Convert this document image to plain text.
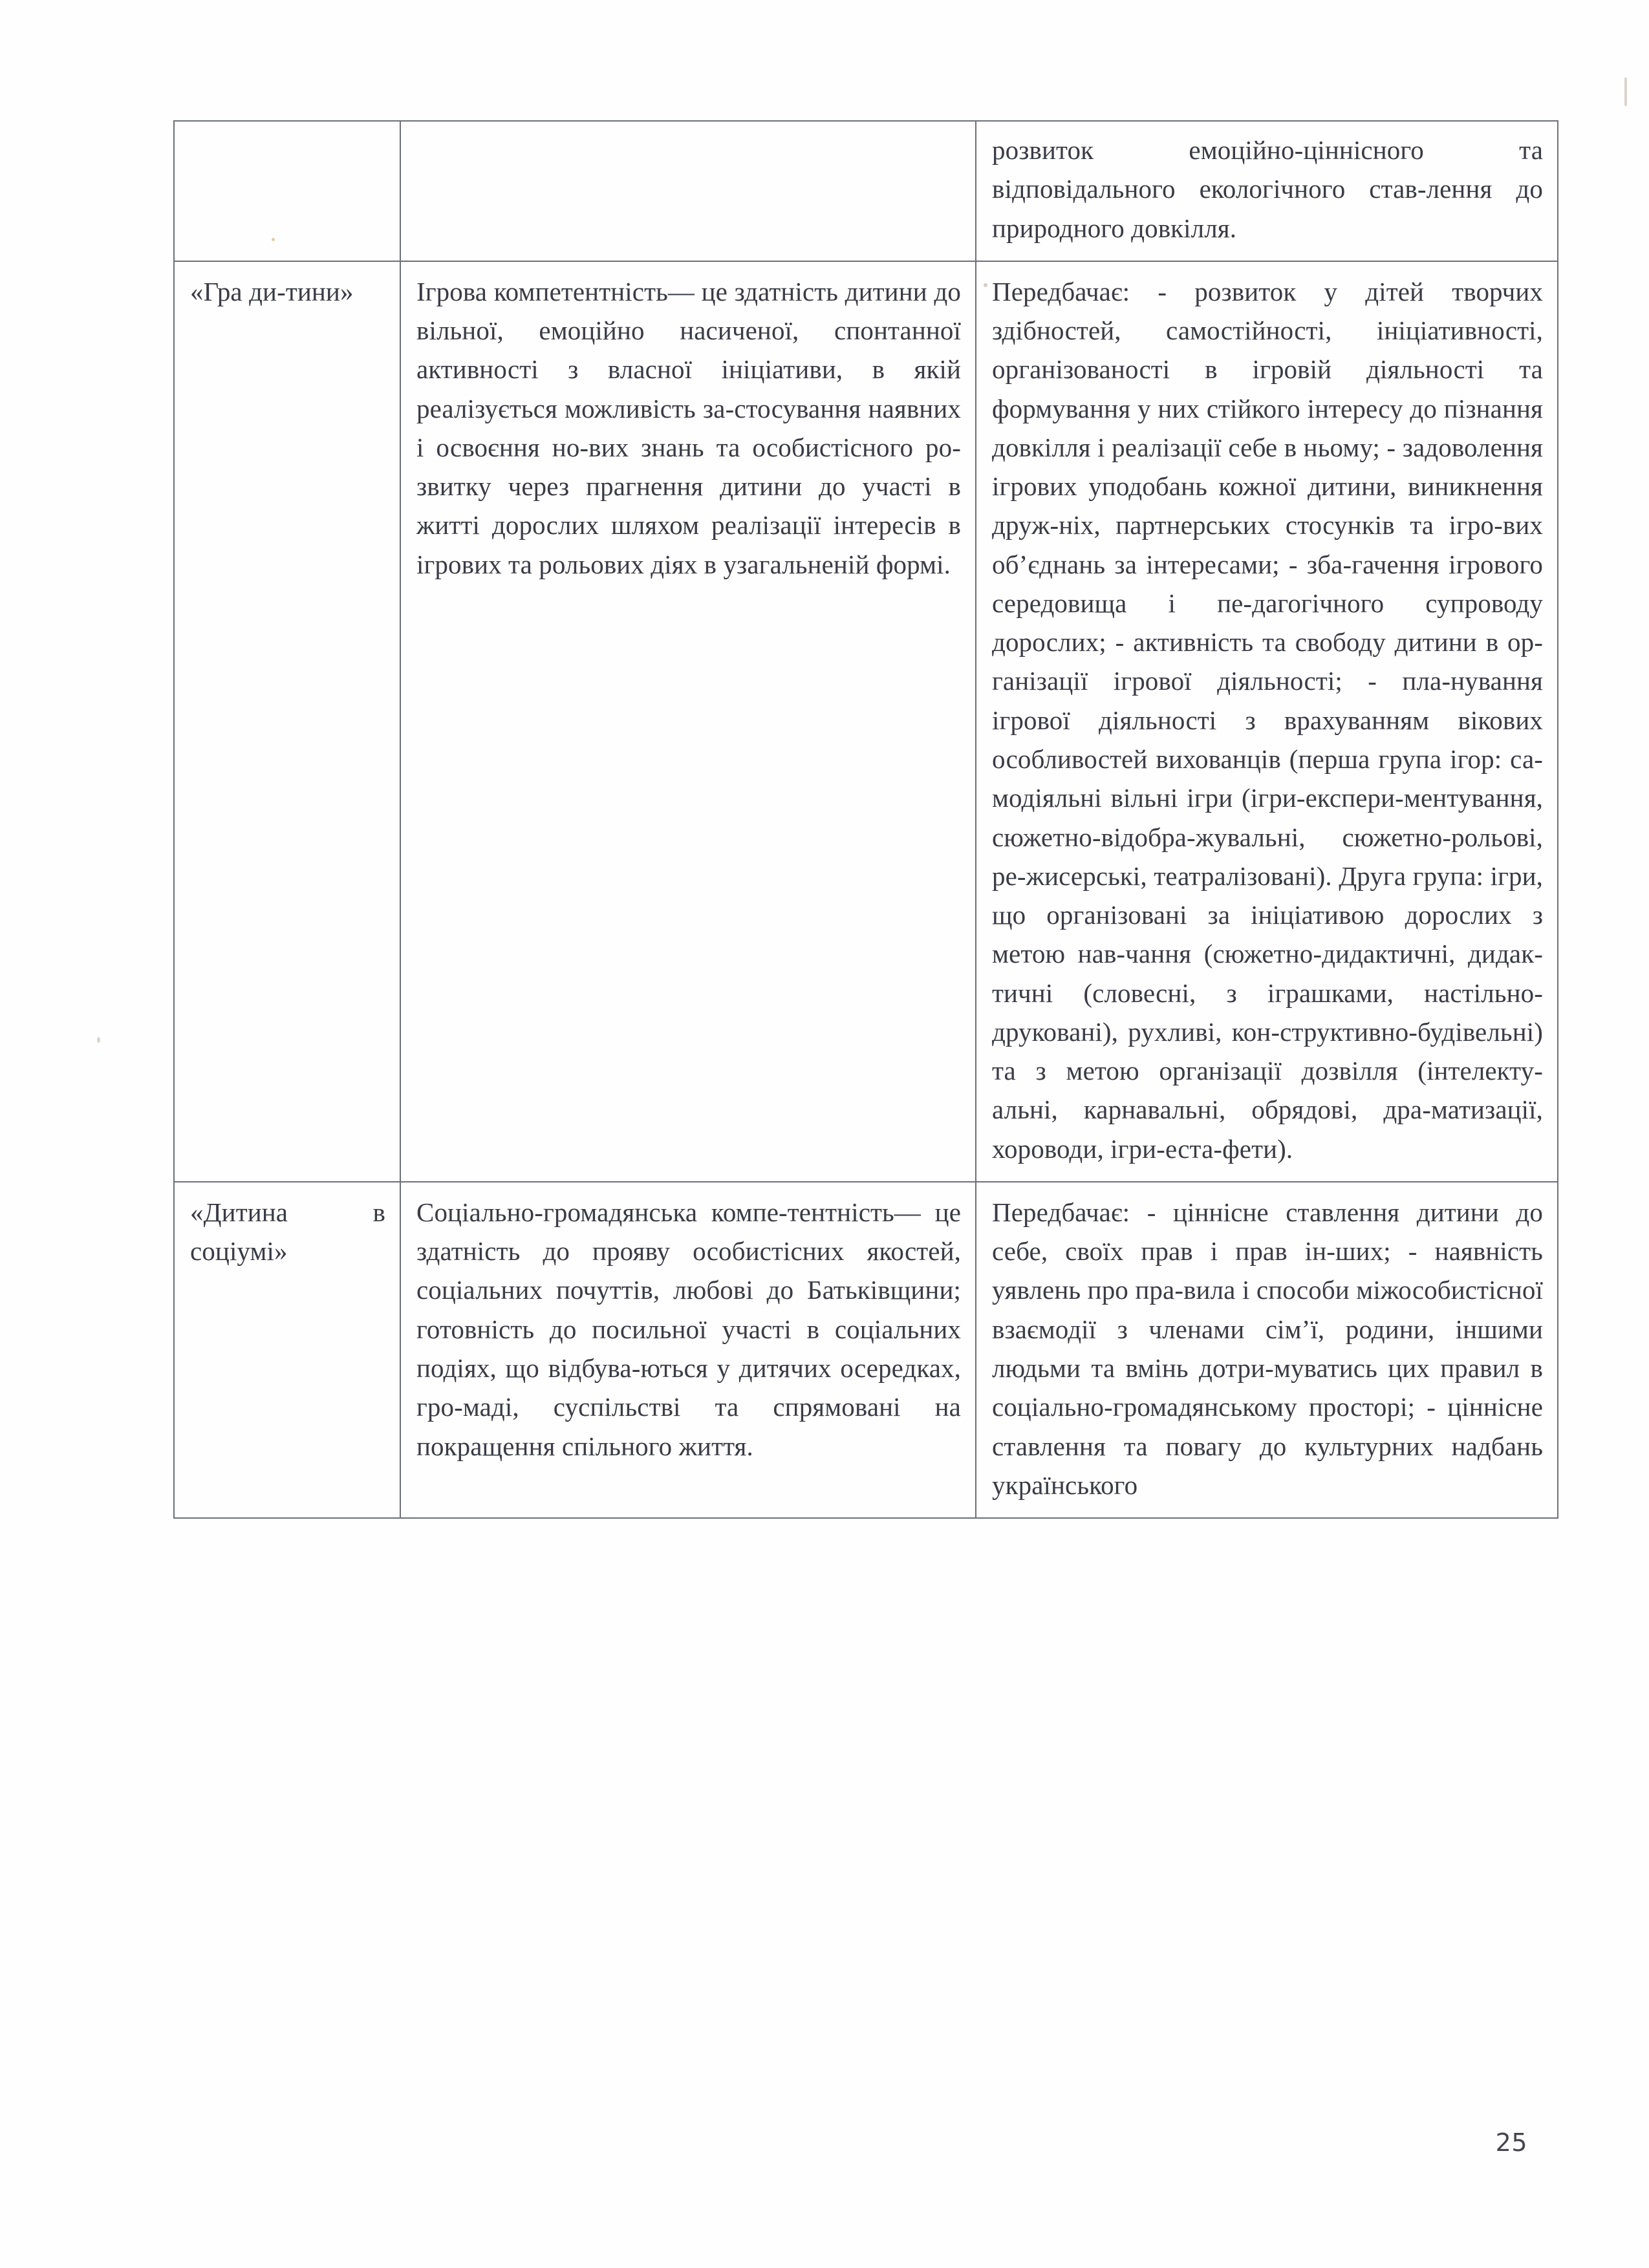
		розвиток емоційно-ціннісного та відповідального екологічного став-лення до природного довкілля.
«Гра ди-тини»	Ігрова компетентність— це здатність дитини до вільної, емоційно насиченої, спонтанної активності з власної ініціативи, в якій реалізується можливість за-стосування наявних і освоєння но-вих знань та особистісного ро-звитку через прагнення дитини до участі в житті дорослих шляхом реалізації інтересів в ігрових та рольових діях в узагальненій формі.	Передбачає: - розвиток у дітей творчих здібностей, самостійності, ініціативності, організованості в ігровій діяльності та формування у них стійкого інтересу до пізнання довкілля і реалізації себе в ньому; - задоволення ігрових уподобань кожної дитини, виникнення друж-ніх, партнерських стосунків та ігро-вих об’єднань за інтересами; - зба-гачення ігрового середовища і пе-дагогічного супроводу дорослих; - активність та свободу дитини в ор-ганізації ігрової діяльності; - пла-нування ігрової діяльності з врахуванням вікових особливостей вихованців (перша група ігор: са-модіяльні вільні ігри (ігри-експери-ментування, сюжетно-відобра-жувальні, сюжетно-рольові, ре-жисерські, театралізовані). Друга група: ігри, що організовані за ініціативою дорослих з метою нав-чання (сюжетно-дидактичні, дидак-тичні (словесні, з іграшками, настільно-друковані), рухливі, кон-структивно-будівельні) та з метою організації дозвілля (інтелекту-альні, карнавальні, обрядові, дра-матизації, хороводи, ігри-еста-фети).
«Дитина в соціумі»	Соціально-громадянська компе-тентність— це здатність до прояву особистісних якостей, соціальних почуттів, любові до Батьківщини; готовність до посильної участі в соціальних подіях, що відбува-ються у дитячих осередках, гро-маді, суспільстві та спрямовані на покращення спільного життя.	Передбачає: - ціннісне ставлення дитини до себе, своїх прав і прав ін-ших; - наявність уявлень про пра-вила і способи міжособистісної взаємодії з членами сім’ї, родини, іншими людьми та вмінь дотри-муватись цих правил в соціально-громадянському просторі; - ціннісне ставлення та повагу до культурних надбань українського
25
